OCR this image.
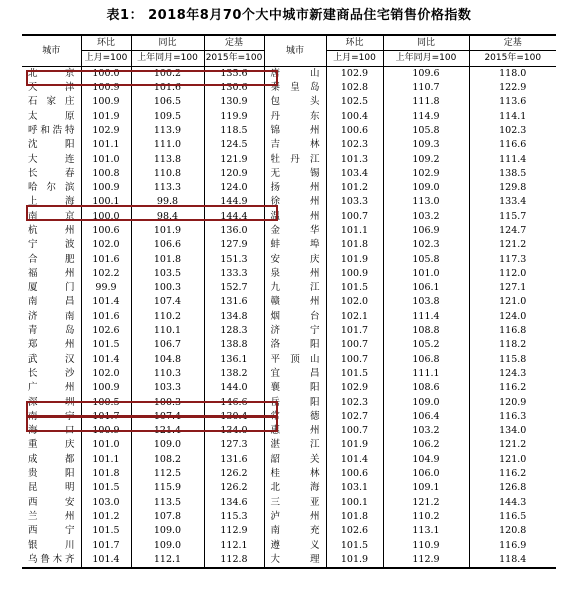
表1： 2018年8月70个大中城市新建商品住宅销售价格指数
城市	环比	同比	定基	城市	环比	同比	定基
	上月=100	上年同月=100	2015年=100		上月=100	上年同月=100	2015年=100
北　京	100.0	100.2	135.6	唐　山	102.9	109.6	118.0
天　津	100.9	101.6	130.6	秦皇岛	102.8	110.7	122.9
石家庄	100.9	106.5	130.9	包　头	102.5	111.8	113.6
太　原	101.9	109.5	119.9	丹　东	100.4	114.9	114.1
呼和浩特	102.9	113.9	118.5	锦　州	100.6	105.8	102.3
沈　阳	101.1	111.0	124.5	吉　林	102.3	109.3	116.6
大　连	101.0	113.8	121.9	牡丹江	101.3	109.2	111.4
长　春	100.8	110.8	120.9	无　锡	103.4	102.9	138.5
哈尔滨	100.9	113.3	124.0	扬　州	101.2	109.0	129.8
上　海	100.1	99.8	144.9	徐　州	103.3	113.0	133.4
南　京	100.0	98.4	144.4	温　州	100.7	103.2	115.7
杭　州	100.6	101.9	136.0	金　华	101.1	106.9	124.7
宁　波	102.0	106.6	127.9	蚌　埠	101.8	102.3	121.2
合　肥	101.6	101.8	151.3	安　庆	101.9	105.8	117.3
福　州	102.2	103.5	133.3	泉　州	100.9	101.0	112.0
厦　门	99.9	100.3	152.7	九　江	101.5	106.1	127.1
南　昌	101.4	107.4	131.6	赣　州	102.0	103.8	121.0
济　南	101.6	110.2	134.8	烟　台	102.1	111.4	124.0
青　岛	102.6	110.1	128.3	济　宁	101.7	108.8	116.8
郑　州	101.5	106.7	138.8	洛　阳	100.7	105.2	118.2
武　汉	101.4	104.8	136.1	平顶山	100.7	106.8	115.8
长　沙	102.0	110.3	138.2	宜　昌	101.5	111.1	124.3
广　州	100.9	103.3	144.0	襄　阳	102.9	108.6	116.2
深　圳	100.5	100.3	146.6	岳　阳	102.3	109.0	120.9
南　宁	101.7	107.4	130.4	常　德	102.7	106.4	116.3
海　口	100.9	121.4	134.0	惠　州	100.7	103.2	134.0
重　庆	101.0	109.0	127.3	湛　江	101.9	106.2	121.2
成　都	101.1	108.2	131.6	韶　关	101.4	104.9	121.0
贵　阳	101.8	112.5	126.2	桂　林	100.6	106.0	116.2
昆　明	101.5	115.9	126.2	北　海	103.1	109.1	126.8
西　安	103.0	113.5	134.6	三　亚	100.1	121.2	144.3
兰　州	101.2	107.8	115.3	泸　州	101.8	110.2	116.5
西　宁	101.5	109.0	112.9	南　充	102.6	113.1	120.8
银　川	101.7	109.0	112.1	遵　义	101.5	110.9	116.9
乌鲁木齐	101.4	112.1	112.8	大　理	101.9	112.9	118.4
